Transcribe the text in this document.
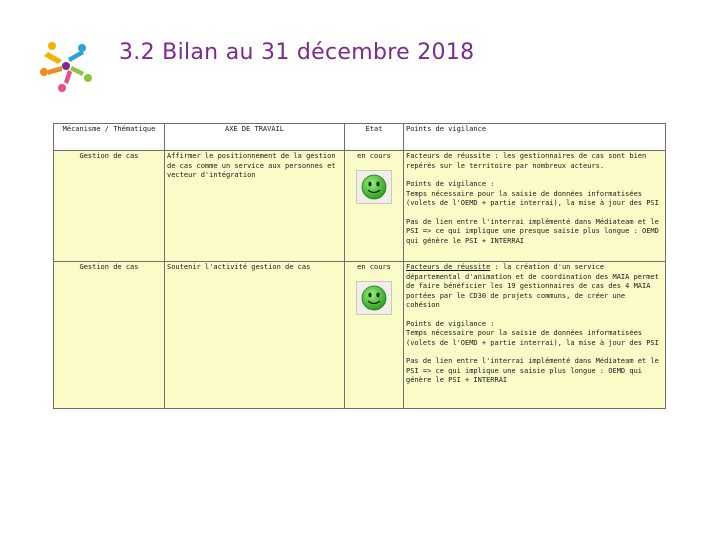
3.2 Bilan au 31 décembre 2018
Mécanisme / Thématique	AXE DE TRAVAIL	Etat	Points de vigilance
Gestion de cas	Affirmer le positionnement de la gestion de cas comme un service aux personnes et vecteur d'intégration	en cours	Facteurs de réussite : les gestionnaires de cas sont bien repérés sur le territoire par nombreux acteurs.
Points de vigilance :
Temps nécessaire pour la saisie de données informatisées (volets de l'OEMD + partie interrai), la mise à jour des PSI
Pas de lien entre l'interrai implémenté dans Médiateam et le PSI => ce qui implique une presque saisie plus longue : OEMD qui génère le PSI + INTERRAI

Gestion de cas	Soutenir l'activité gestion de cas	en cours	Facteurs de réussite : la création d'un service départemental d'animation et de coordination des MAIA permet de faire bénéficier les 19 gestionnaires de cas des 4 MAIA portées par le CD30 de projets communs, de créer une cohésion
Points de vigilance :
Temps nécessaire pour la saisie de données informatisées (volets de l'OEMD + partie interrai), la mise à jour des PSI
Pas de lien entre l'interrai implémenté dans Médiateam et le PSI => ce qui implique une saisie plus longue : OEMD qui génère le PSI + INTERRAI
